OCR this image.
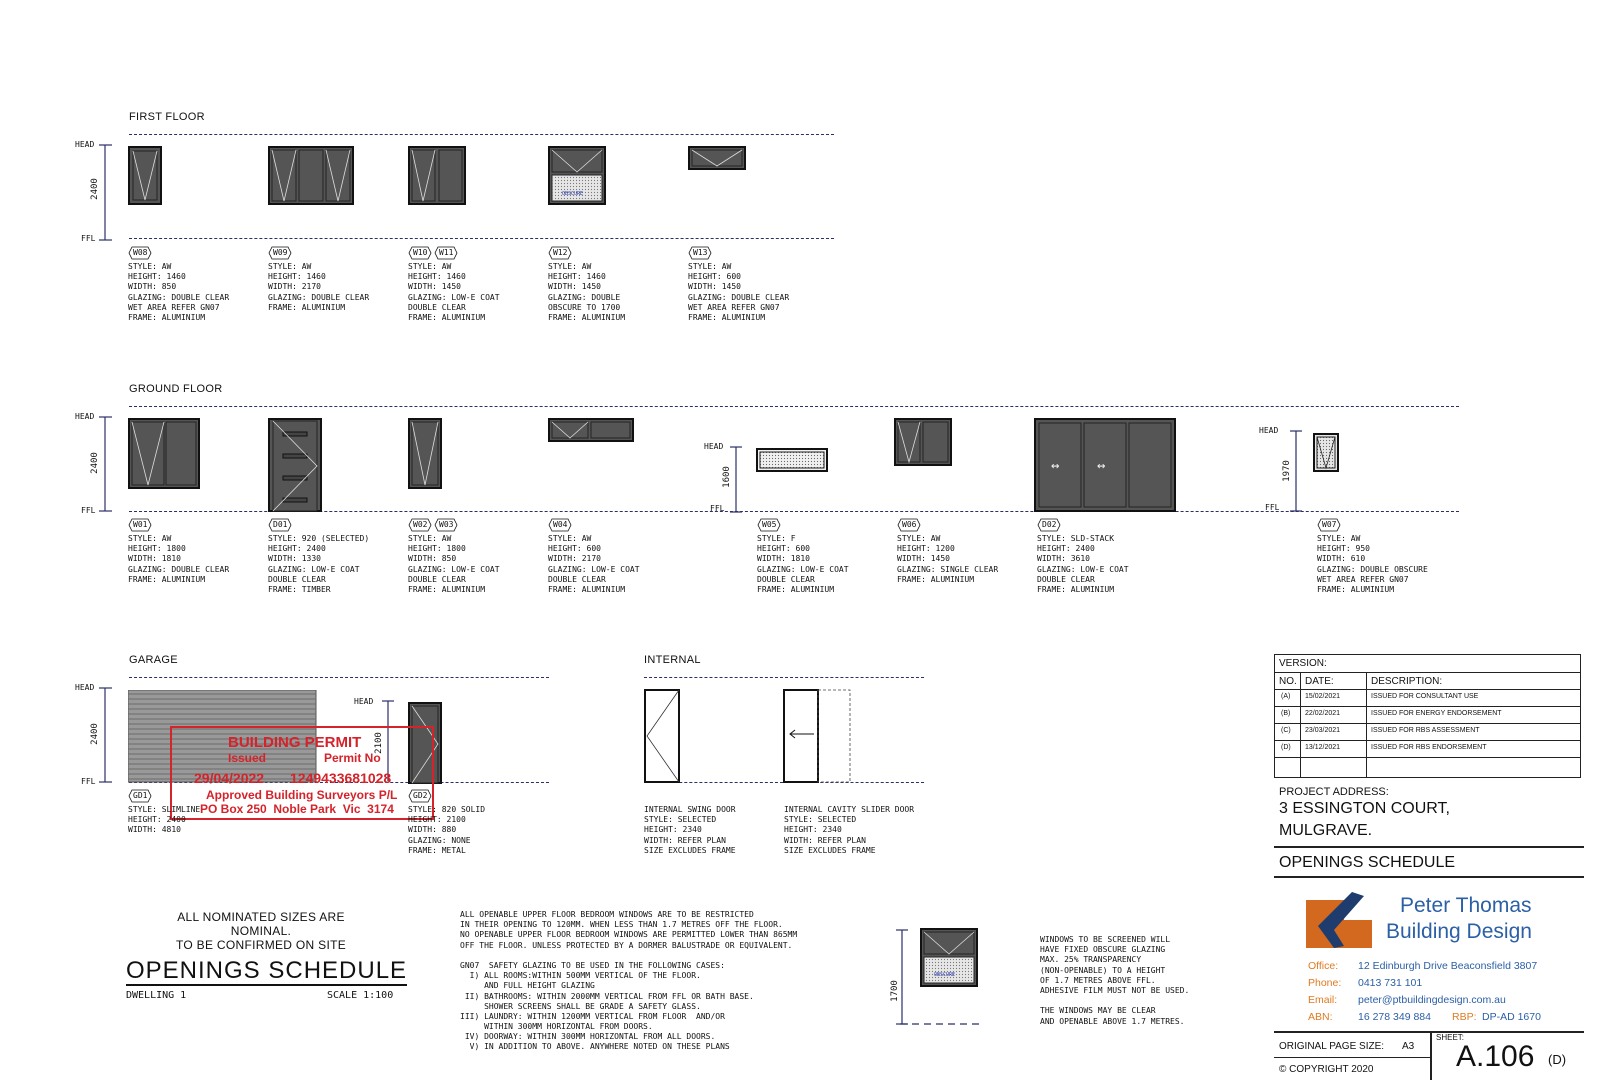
FIRST FLOOR
HEAD
FFL
2400	OBSCURE
W08
STYLE: AW
HEIGHT: 1460
WIDTH: 850
GLAZING: DOUBLE CLEAR
WET AREA REFER GN07
FRAME: ALUMINIUM
W09
STYLE: AW
HEIGHT: 1460
WIDTH: 2170
GLAZING: DOUBLE CLEAR
FRAME: ALUMINIUM
W10 W11
STYLE: AW
HEIGHT: 1460
WIDTH: 1450
GLAZING: LOW-E COAT
DOUBLE CLEAR
FRAME: ALUMINIUM
W12
STYLE: AW
HEIGHT: 1460
WIDTH: 1450
GLAZING: DOUBLE
OBSCURE TO 1700
FRAME: ALUMINIUM
W13
STYLE: AW
HEIGHT: 600
WIDTH: 1450
GLAZING: DOUBLE CLEAR
WET AREA REFER GN07
FRAME: ALUMINIUM
GROUND FLOOR
HEAD
FFL
2400
HEAD
FFL
1600
↔	↔
HEAD
FFL
1970
W01
STYLE: AW
HEIGHT: 1800
WIDTH: 1810
GLAZING: DOUBLE CLEAR
FRAME: ALUMINIUM
D01
STYLE: 920 (SELECTED)
HEIGHT: 2400
WIDTH: 1330
GLAZING: LOW-E COAT
DOUBLE CLEAR
FRAME: TIMBER
W02 W03
STYLE: AW
HEIGHT: 1800
WIDTH: 850
GLAZING: LOW-E COAT
DOUBLE CLEAR
FRAME: ALUMINIUM
W04
STYLE: AW
HEIGHT: 600
WIDTH: 2170
GLAZING: LOW-E COAT
DOUBLE CLEAR
FRAME: ALUMINIUM
W05
STYLE: F
HEIGHT: 600
WIDTH: 1810
GLAZING: LOW-E COAT
DOUBLE CLEAR
FRAME: ALUMINIUM
W06
STYLE: AW
HEIGHT: 1200
WIDTH: 1450
GLAZING: SINGLE CLEAR
FRAME: ALUMINIUM
D02
STYLE: SLD-STACK
HEIGHT: 2400
WIDTH: 3610
GLAZING: LOW-E COAT
DOUBLE CLEAR
FRAME: ALUMINIUM
W07
STYLE: AW
HEIGHT: 950
WIDTH: 610
GLAZING: DOUBLE OBSCURE
WET AREA REFER GN07
FRAME: ALUMINIUM
GARAGE
HEAD
FFL
2400
HEAD
2100
BUILDING PERMIT
Issued	Permit No
29/04/2022 1249433681028
Approved Building Surveyors P/L
PO Box 250  Noble Park  Vic  3174
GD1
STYLE: SLIMLINE
HEIGHT: 2400
WIDTH: 4810
GD2
STYLE: 820 SOLID
HEIGHT: 2100
WIDTH: 880
GLAZING: NONE
FRAME: METAL
INTERNAL
INTERNAL SWING DOOR
STYLE: SELECTED
HEIGHT: 2340
WIDTH: REFER PLAN
SIZE EXCLUDES FRAME
INTERNAL CAVITY SLIDER DOOR
STYLE: SELECTED
HEIGHT: 2340
WIDTH: REFER PLAN
SIZE EXCLUDES FRAME
ALL NOMINATED SIZES ARE NOMINAL.
TO BE CONFIRMED ON SITE
OPENINGS SCHEDULE
DWELLING 1	SCALE 1:100
ALL OPENABLE UPPER FLOOR BEDROOM WINDOWS ARE TO BE RESTRICTED
IN THEIR OPENING TO 120MM. WHEN LESS THAN 1.7 METRES OFF THE FLOOR.
NO OPENABLE UPPER FLOOR BEDROOM WINDOWS ARE PERMITTED LOWER THAN 865MM
OFF THE FLOOR. UNLESS PROTECTED BY A DORMER BALUSTRADE OR EQUIVALENT.
GN07  SAFETY GLAZING TO BE USED IN THE FOLLOWING CASES:
I) ALL ROOMS:WITHIN 500MM VERTICAL OF THE FLOOR.
AND FULL HEIGHT GLAZING
II) BATHROOMS: WITHIN 2000MM VERTICAL FROM FFL OR BATH BASE.
SHOWER SCREENS SHALL BE GRADE A SAFETY GLASS.
III) LAUNDRY: WITHIN 1200MM VERTICAL FROM FLOOR  AND/OR
WITHIN 300MM HORIZONTAL FROM DOORS.
IV) DOORWAY: WITHIN 300MM HORIZONTAL FROM ALL DOORS.
V) IN ADDITION TO ABOVE. ANYWHERE NOTED ON THESE PLANS
OBSCURE
1700
WINDOWS TO BE SCREENED WILL
HAVE FIXED OBSCURE GLAZING
MAX. 25% TRANSPARENCY
(NON-OPENABLE) TO A HEIGHT
OF 1.7 METRES ABOVE FFL.
ADHESIVE FILM MUST NOT BE USED.
THE WINDOWS MAY BE CLEAR
AND OPENABLE ABOVE 1.7 METRES.
VERSION:
NO. DATE:	DESCRIPTION:
(A) 15/02/2021	ISSUED FOR CONSULTANT USE
(B) 22/02/2021	ISSUED FOR ENERGY ENDORSEMENT
(C) 23/03/2021	ISSUED FOR RBS ASSESSMENT
(D) 13/12/2021	ISSUED FOR RBS ENDORSEMENT
PROJECT ADDRESS:
3 ESSINGTON COURT,
MULGRAVE.
OPENINGS SCHEDULE
Peter Thomas
Building Design
Office: 12 Edinburgh Drive Beaconsfield 3807
Phone: 0413 731 101
Email: peter@ptbuildingdesign.com.au
ABN: 16 278 349 884 RBP: DP-AD 1670
ORIGINAL PAGE SIZE: A3
© COPYRIGHT 2020
SHEET:
A.106 (D)
